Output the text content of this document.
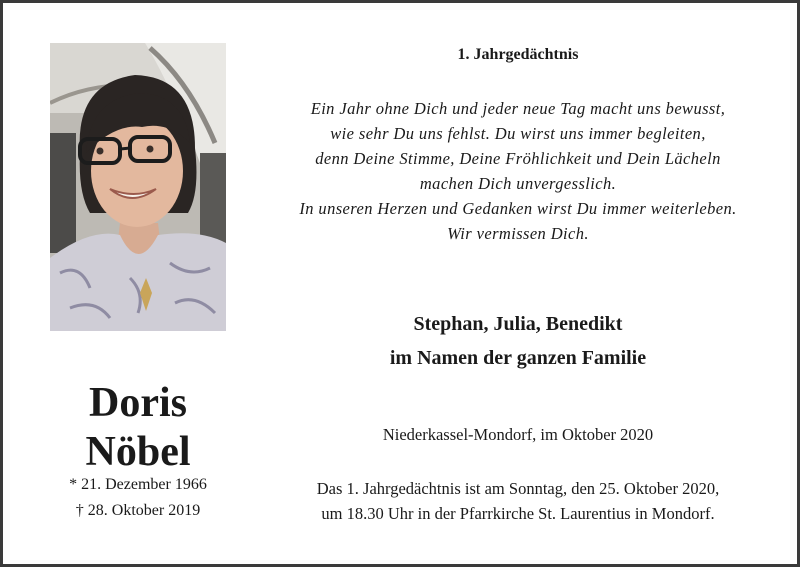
Doris
Nöbel
* 21. Dezember 1966
† 28. Oktober 2019
1. Jahrgedächtnis
Ein Jahr ohne Dich und jeder neue Tag macht uns bewusst,
wie sehr Du uns fehlst. Du wirst uns immer begleiten,
denn Deine Stimme, Deine Fröhlichkeit und Dein Lächeln
machen Dich unvergesslich.
In unseren Herzen und Gedanken wirst Du immer weiterleben.
Wir vermissen Dich.
Stephan, Julia, Benedikt
im Namen der ganzen Familie
Niederkassel-Mondorf, im Oktober 2020
Das 1. Jahrgedächtnis ist am Sonntag, den 25. Oktober 2020,
um 18.30 Uhr in der Pfarrkirche St. Laurentius in Mondorf.
